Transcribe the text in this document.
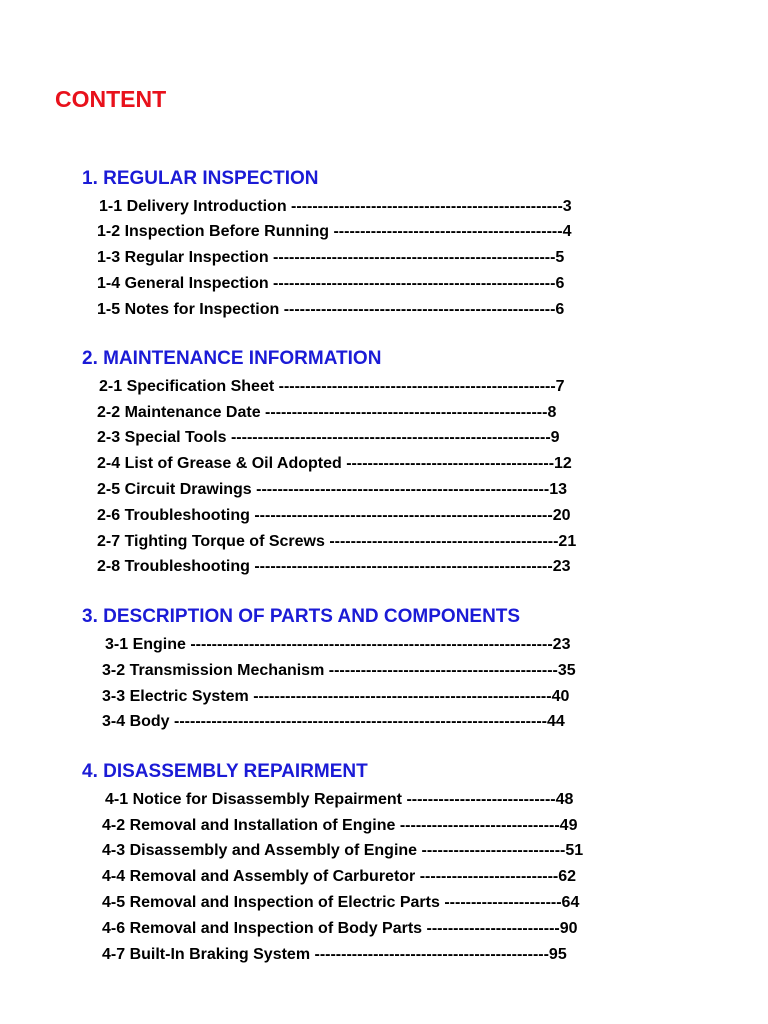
CONTENT
1. REGULAR INSPECTION
1-1 Delivery Introduction ---------------------------------------------------3
1-2 Inspection Before Running -------------------------------------------4
1-3 Regular Inspection -----------------------------------------------------5
1-4 General Inspection -----------------------------------------------------6
1-5 Notes for Inspection ---------------------------------------------------6
2. MAINTENANCE INFORMATION
2-1 Specification Sheet ----------------------------------------------------7
2-2 Maintenance Date -----------------------------------------------------8
2-3 Special Tools ------------------------------------------------------------9
2-4 List of Grease & Oil Adopted ---------------------------------------12
2-5 Circuit Drawings -------------------------------------------------------13
2-6 Troubleshooting --------------------------------------------------------20
2-7 Tighting Torque of Screws -------------------------------------------21
2-8 Troubleshooting --------------------------------------------------------23
3. DESCRIPTION OF PARTS AND COMPONENTS
3-1 Engine --------------------------------------------------------------------23
3-2 Transmission Mechanism -------------------------------------------35
3-3 Electric System --------------------------------------------------------40
3-4 Body ----------------------------------------------------------------------44
4. DISASSEMBLY REPAIRMENT
4-1 Notice for Disassembly Repairment ----------------------------48
4-2 Removal and Installation of Engine ------------------------------49
4-3 Disassembly and Assembly of Engine ---------------------------51
4-4 Removal and Assembly of Carburetor --------------------------62
4-5 Removal and Inspection of Electric Parts ----------------------64
4-6 Removal and Inspection of Body Parts -------------------------90
4-7 Built-In Braking System --------------------------------------------95
